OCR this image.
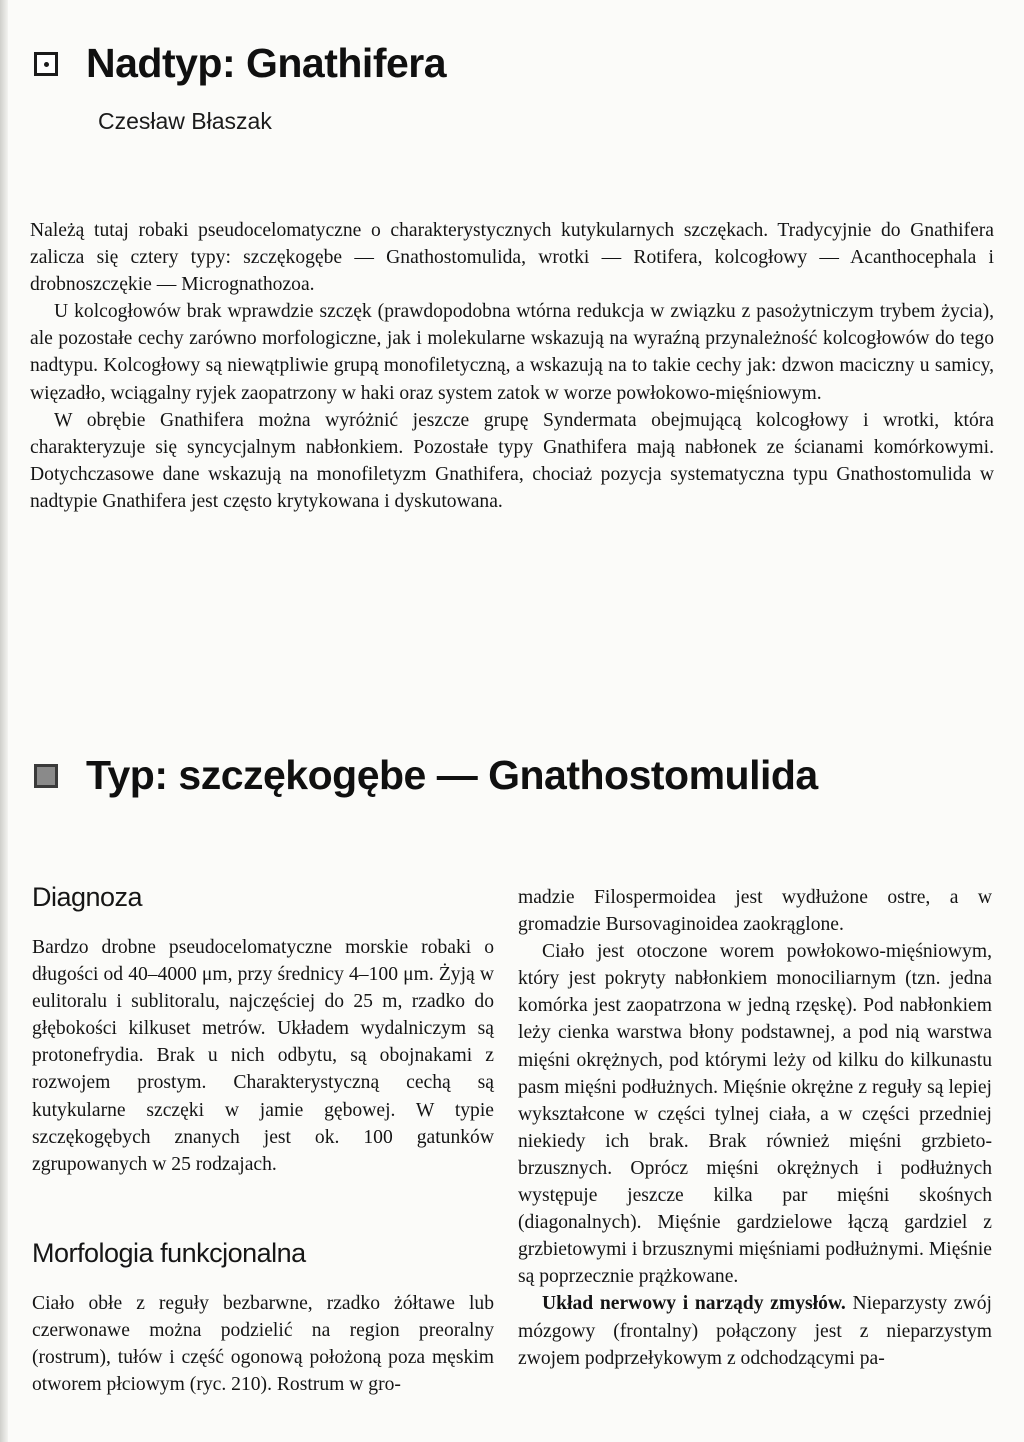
Nadtyp: Gnathifera
Czesław Błaszak

Należą tutaj robaki pseudocelomatyczne o charakterystycznych kutykularnych szczękach. Tradycyjnie do Gnathifera zalicza się cztery typy: szczękogębe — Gnathostomulida, wrotki — Rotifera, kolcogłowy — Acanthocephala i drobnoszczękie — Micrognathozoa.

U kolcogłowów brak wprawdzie szczęk (prawdopodobna wtórna redukcja w związku z pasożytniczym trybem życia), ale pozostałe cechy zarówno morfologiczne, jak i molekularne wskazują na wyraźną przynależność kolcogłowów do tego nadtypu. Kolcogłowy są niewątpliwie grupą monofiletyczną, a wskazują na to takie cechy jak: dzwon maciczny u samicy, więzadło, wciągalny ryjek zaopatrzony w haki oraz system zatok w worze powłokowo-mięśniowym.

W obrębie Gnathifera można wyróżnić jeszcze grupę Syndermata obejmującą kolcogłowy i wrotki, która charakteryzuje się syncycjalnym nabłonkiem. Pozostałe typy Gnathifera mają nabłonek ze ścianami komórkowymi. Dotychczasowe dane wskazują na monofiletyzm Gnathifera, chociaż pozycja systematyczna typu Gnathostomulida w nadtypie Gnathifera jest często krytykowana i dyskutowana.

Typ: szczękogębe — Gnathostomulida
Diagnoza

Bardzo drobne pseudocelomatyczne morskie robaki o długości od 40–4000 μm, przy średnicy 4–100 μm. Żyją w eulitoralu i sublitoralu, najczęściej do 25 m, rzadko do głębokości kilkuset metrów. Układem wydalniczym są protonefrydia. Brak u nich odbytu, są obojnakami z rozwojem prostym. Charakterystyczną cechą są kutykularne szczęki w jamie gębowej. W typie szczękogębych znanych jest ok. 100 gatunków zgrupowanych w 25 rodzajach.

Morfologia funkcjonalna

Ciało obłe z reguły bezbarwne, rzadko żółtawe lub czerwonawe można podzielić na region preoralny (rostrum), tułów i część ogonową położoną poza męskim otworem płciowym (ryc. 210). Rostrum w gro-

madzie Filospermoidea jest wydłużone ostre, a w gromadzie Bursovaginoidea zaokrąglone.

Ciało jest otoczone worem powłokowo-mięśniowym, który jest pokryty nabłonkiem monociliarnym (tzn. jedna komórka jest zaopatrzona w jedną rzęskę). Pod nabłonkiem leży cienka warstwa błony podstawnej, a pod nią warstwa mięśni okrężnych, pod którymi leży od kilku do kilkunastu pasm mięśni podłużnych. Mięśnie okrężne z reguły są lepiej wykształcone w części tylnej ciała, a w części przedniej niekiedy ich brak. Brak również mięśni grzbieto-brzusznych. Oprócz mięśni okrężnych i podłużnych występuje jeszcze kilka par mięśni skośnych (diagonalnych). Mięśnie gardzielowe łączą gardziel z grzbietowymi i brzusznymi mięśniami podłużnymi. Mięśnie są poprzecznie prążkowane.

Układ nerwowy i narządy zmysłów. Nieparzysty zwój mózgowy (frontalny) połączony jest z nieparzystym zwojem podprzełykowym z odchodzącymi pa-
